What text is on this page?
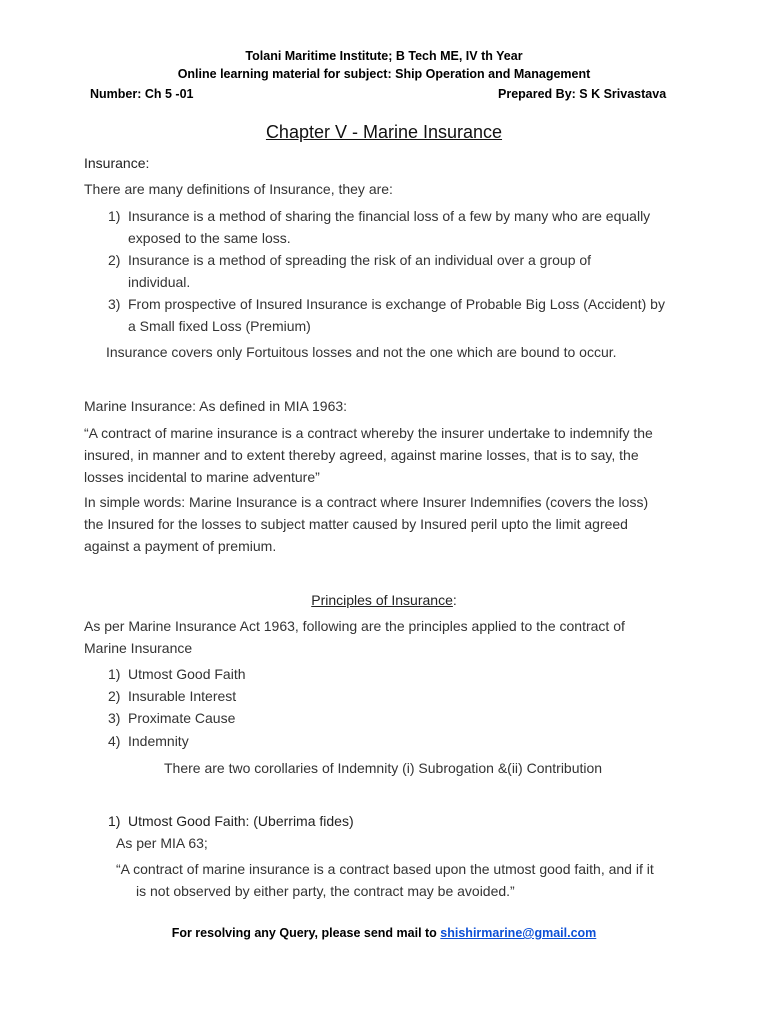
Tolani Maritime Institute; B Tech ME, IV th Year
Online learning material for subject: Ship Operation and Management
Number: Ch 5 -01	Prepared By: S K Srivastava
Chapter V - Marine Insurance
Insurance:
There are many definitions of Insurance, they are:
1) Insurance is a method of sharing the financial loss of a few by many who are equally
exposed to the same loss.
2) Insurance is a method of spreading the risk of an individual over a group of
individual.
3) From prospective of Insured Insurance is exchange of Probable Big Loss (Accident) by
a Small fixed Loss (Premium)
Insurance covers only Fortuitous losses and not the one which are bound to occur.
Marine Insurance: As defined in MIA 1963:
“A contract of marine insurance is a contract whereby the insurer undertake to indemnify the
insured, in manner and to extent thereby agreed, against marine losses, that is to say, the
losses incidental to marine adventure”
In simple words: Marine Insurance is a contract where Insurer Indemnifies (covers the loss)
the Insured for the losses to subject matter caused by Insured peril upto the limit agreed
against a payment of premium.
Principles of Insurance:
As per Marine Insurance Act 1963, following are the principles applied to the contract of
Marine Insurance
1) Utmost Good Faith
2) Insurable Interest
3) Proximate Cause
4) Indemnity
There are two corollaries of Indemnity (i) Subrogation &(ii) Contribution
1) Utmost Good Faith: (Uberrima fides)
As per MIA 63;
“A contract of marine insurance is a contract based upon the utmost good faith, and if it
is not observed by either party, the contract may be avoided.”
For resolving any Query, please send mail to shishirmarine@gmail.com
